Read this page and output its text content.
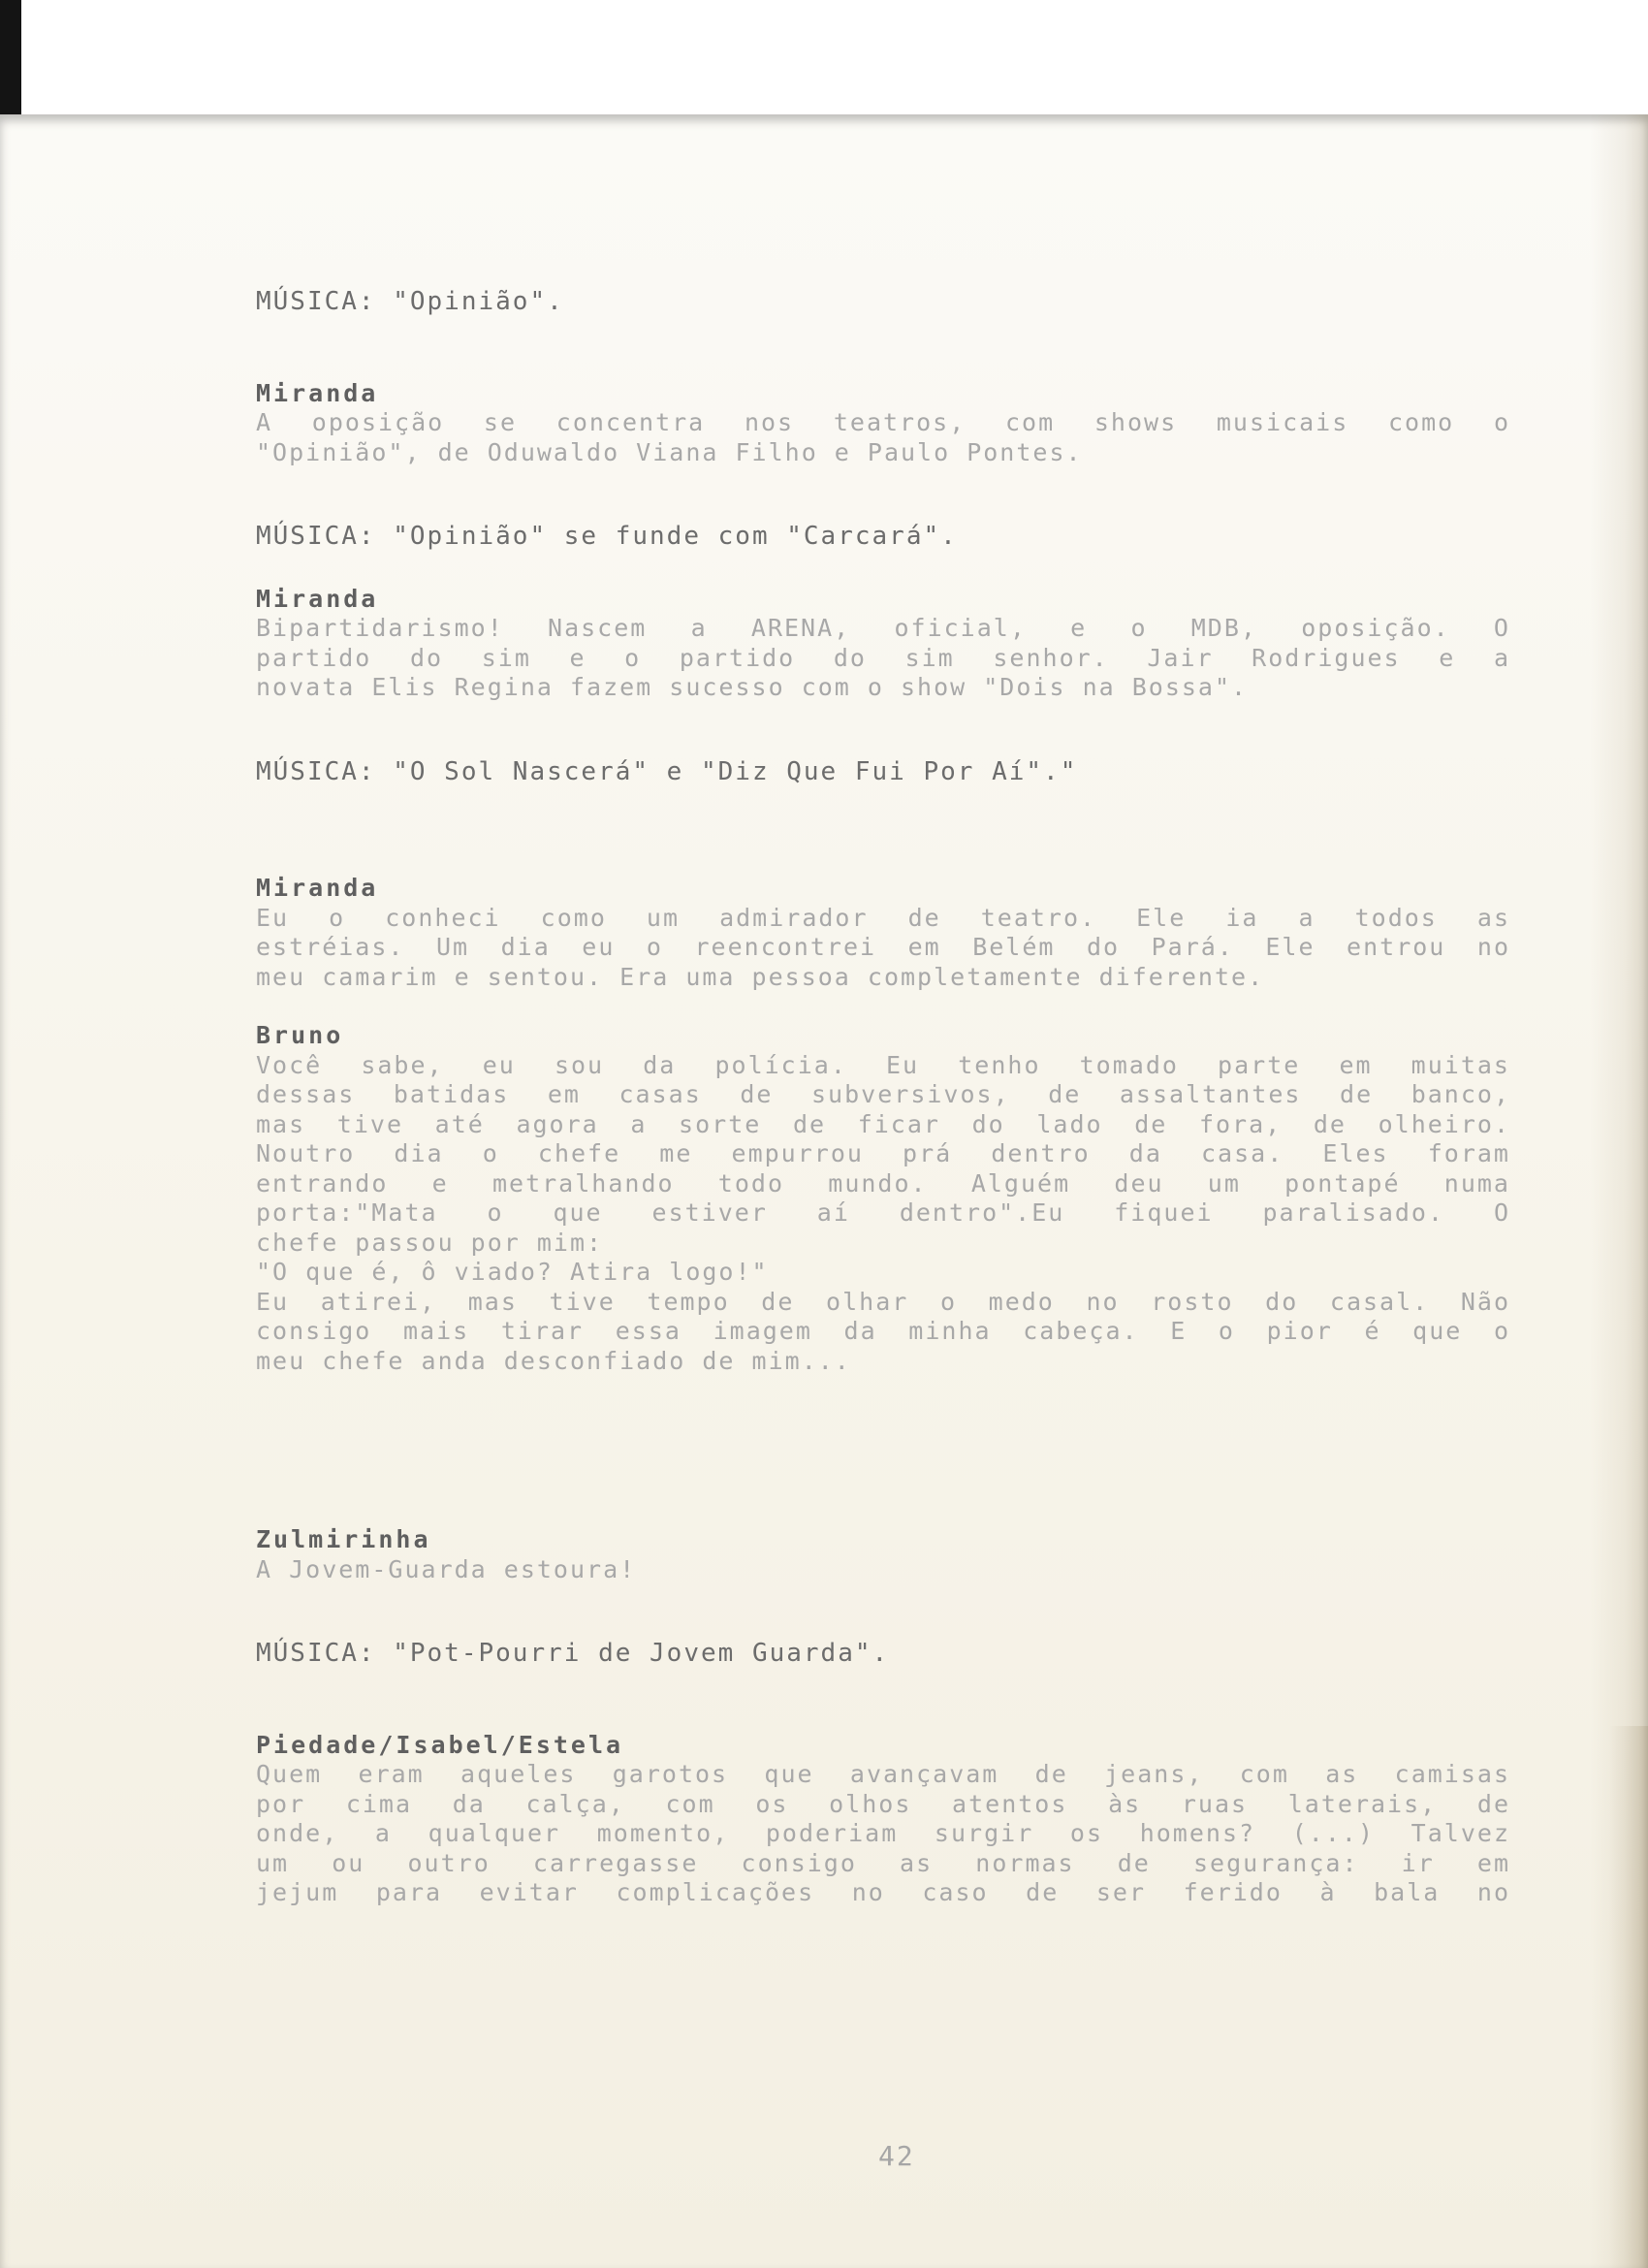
MÚSICA: "Opinião".
Miranda
A oposição se concentra nos teatros, com shows musicais como o
"Opinião", de Oduwaldo Viana Filho e Paulo Pontes.
MÚSICA: "Opinião" se funde com "Carcará".
Miranda
Bipartidarismo! Nascem a ARENA, oficial, e o MDB, oposição. O
partido do sim e o partido do sim senhor. Jair Rodrigues e a
novata Elis Regina fazem sucesso com o show "Dois na Bossa".
MÚSICA: "O Sol Nascerá" e "Diz Que Fui Por Aí"."
Miranda
Eu o conheci como um admirador de teatro. Ele ia a todos as
estréias. Um dia eu o reencontrei em Belém do Pará. Ele entrou no
meu camarim e sentou. Era uma pessoa completamente diferente.
Bruno
Você sabe, eu sou da polícia. Eu tenho tomado parte em muitas
dessas batidas em casas de subversivos, de assaltantes de banco,
mas tive até agora a sorte de ficar do lado de fora, de olheiro.
Noutro dia o chefe me empurrou prá dentro da casa. Eles foram
entrando e metralhando todo mundo. Alguém deu um pontapé numa
porta:"Mata o que estiver aí dentro".Eu fiquei paralisado. O
chefe passou por mim:
"O que é, ô viado? Atira logo!"
Eu atirei, mas tive tempo de olhar o medo no rosto do casal. Não
consigo mais tirar essa imagem da minha cabeça. E o pior é que o
meu chefe anda desconfiado de mim...
Zulmirinha
A Jovem-Guarda estoura!
MÚSICA: "Pot-Pourri de Jovem Guarda".
Piedade/Isabel/Estela
Quem eram aqueles garotos que avançavam de jeans, com as camisas
por cima da calça, com os olhos atentos às ruas laterais, de
onde, a qualquer momento, poderiam surgir os homens? (...) Talvez
um ou outro carregasse consigo as normas de segurança: ir em
jejum para evitar complicações no caso de ser ferido à bala no
42
